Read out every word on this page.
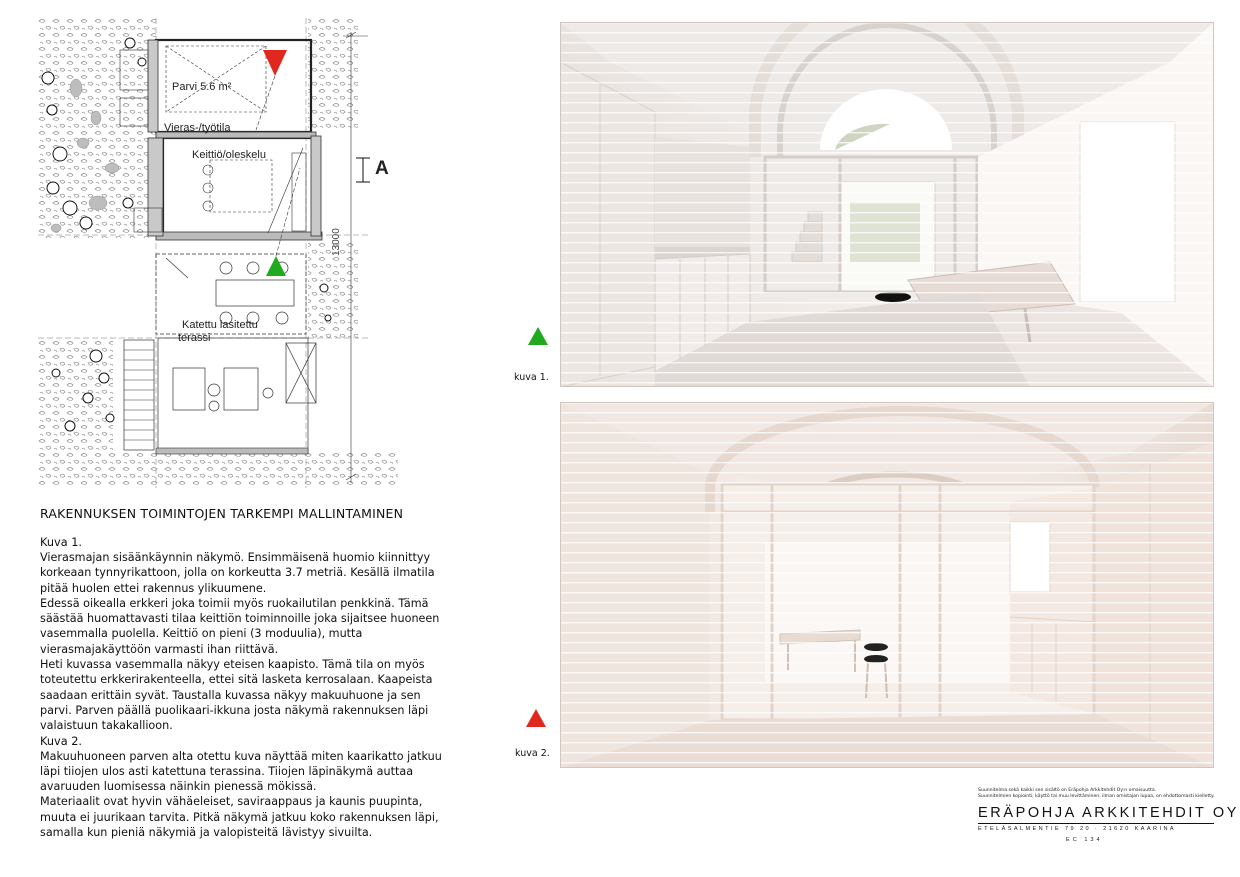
Parvi 5.6 m²
Vieras-/työtila
Keittiö/oleskelu
Katettu lasitettu
terassi
A
13000
RAKENNUKSEN TOIMINTOJEN TARKEMPI MALLINTAMINEN
Kuva 1.

Vierasmajan sisäänkäynnin näkymö. Ensimmäisenä huomio kiinnittyy korkeaan tynnyrikattoon, jolla on korkeutta 3.7 metriä. Kesällä ilmatila pitää huolen ettei rakennus ylikuumene.

Edessä oikealla erkkeri joka toimii myös ruokailutilan penkkinä. Tämä säästää huomattavasti tilaa keittiön toiminnoille joka sijaitsee huoneen vasemmalla puolella. Keittiö on pieni (3 moduulia), mutta vierasmajakäyttöön varmasti ihan riittävä.

Heti kuvassa vasemmalla näkyy eteisen kaapisto. Tämä tila on myös toteutettu erkkerirakenteella, ettei sitä lasketa kerrosalaan. Kaapeista saadaan erittäin syvät. Taustalla kuvassa näkyy makuuhuone ja sen parvi. Parven päällä puolikaari-ikkuna josta näkymä rakennuksen läpi valaistuun takakallioon.

Kuva 2.

Makuuhuoneen parven alta otettu kuva näyttää miten kaarikatto jatkuu läpi tiiojen ulos asti katettuna terassina. Tiiojen läpinäkymä auttaa avaruuden luomisessa näinkin pienessä mökissä.

Materiaalit ovat hyvin vähäeleiset, saviraappaus ja kaunis puupinta, muuta ei juurikaan tarvita. Pitkä näkymä jatkuu koko rakennuksen läpi, samalla kun pieniä näkymiä ja valopisteitä lävistyy sivuilta.

kuva 1.
kuva 2.
Suunnitelma sekä kaikki sen sisältö on Eräpohja Arkkitehdit Oy:n omaisuutta.
Suunnitelmien kopiointi, käyttö tai muu levittäminen, ilman omistajan lupaa, on ehdottomasti kielletty.
ERÄPOHJA ARKKITEHDIT OY
ETELÄSALMENTIE 79 20 · 21620 KAARINA
EC 134
